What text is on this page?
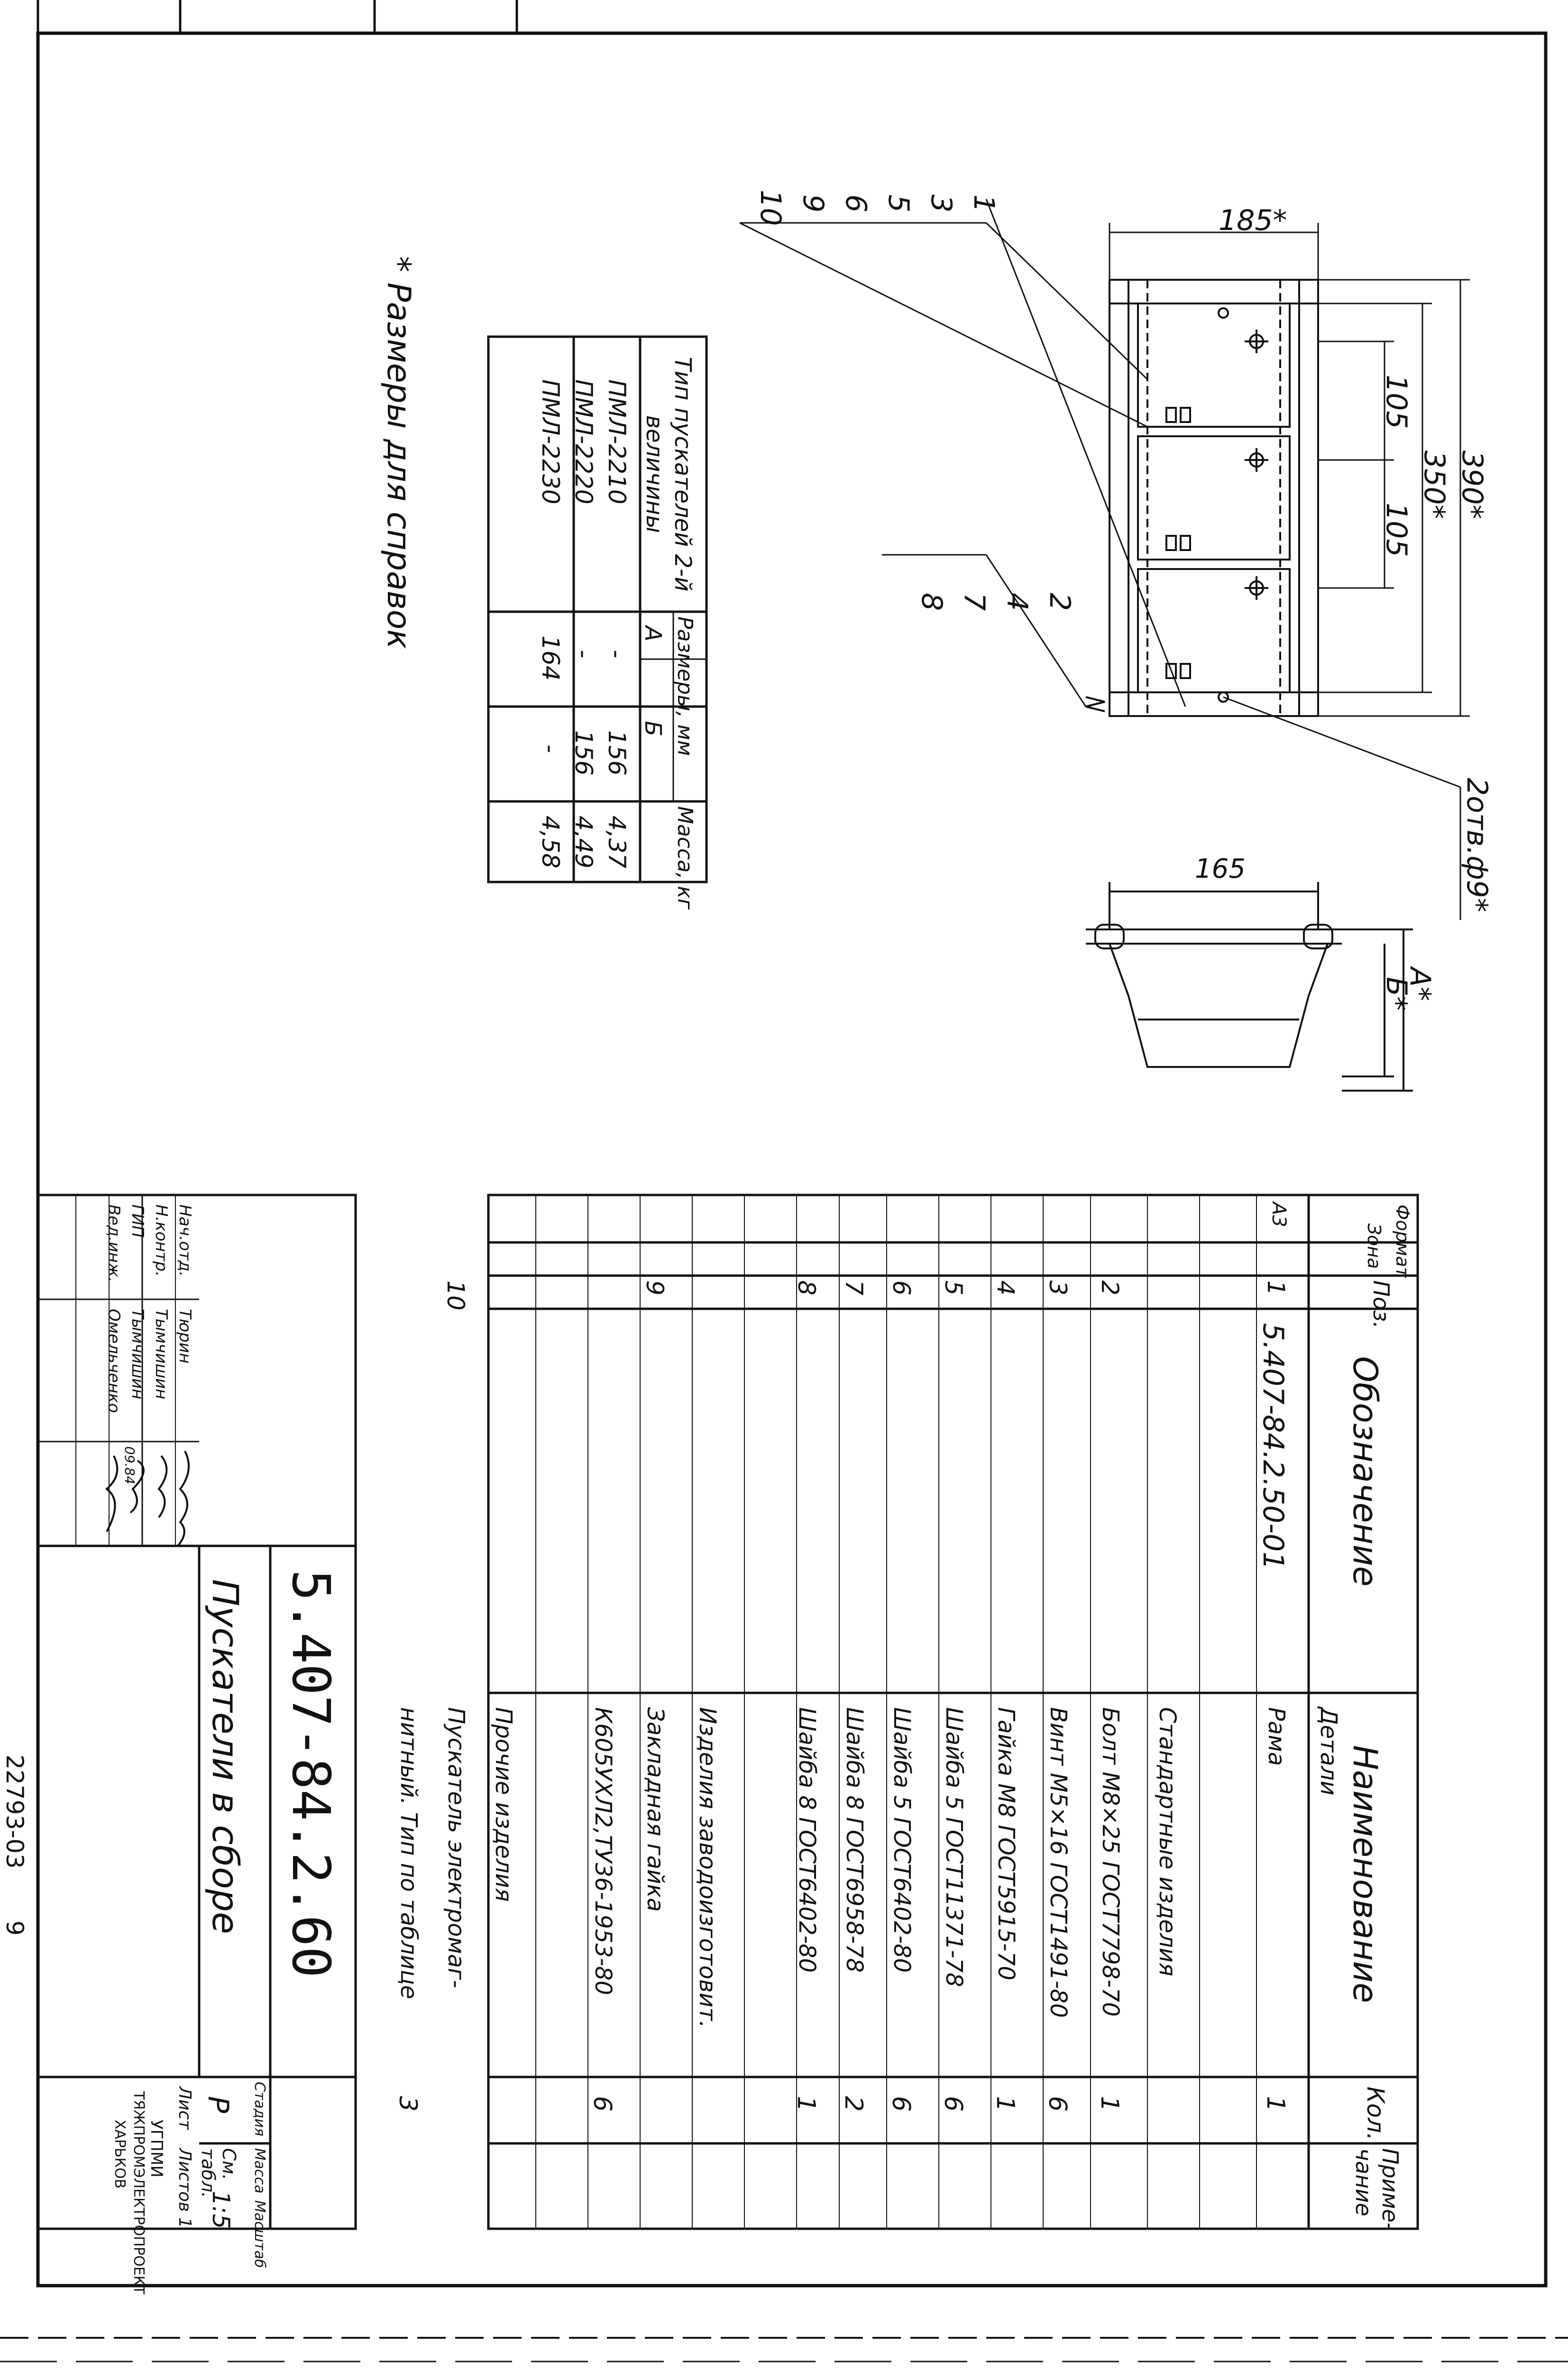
185*
390*
350*
105
105
2отв.ф9*
165
А*
Б*
1
3
5
6
9
10
2
4
7
8
* Размеры для справок	Тип пускателей 2-й величины
Размеры, мм
А
Б
Масса, кг
ПМЛ-2210
-
156
4,37
ПМЛ-2220
-
156
4,49
ПМЛ-2230
164
-
4,58
Формат
Зона
Поз.
Обозначение
Наименование
Кол.
Приме- чание
Детали
А3
1
5.407-84.2.50-01
Рама
1
Стандартные изделия
2
Болт М8×25 ГОСТ7798-70
1
3
Винт М5×16 ГОСТ1491-80
6
4
Гайка М8 ГОСТ5915-70
1
5
Шайба 5 ГОСТ11371-78
6
6
Шайба 5 ГОСТ6402-80
6
7
Шайба 8 ГОСТ6958-78
2
8
Шайба 8 ГОСТ6402-80
1
Изделия заводоизготовит.
9
Закладная гайка
К605УХЛ2,ТУ36-1953-80
6
Прочие изделия
10
Пускатель электромаг-
нитный. Тип по таблице
3
5.407-84.2.60
Пускатели в сборе
Стадия
Масса
Масштаб
Р
См. табл.
1:5
Лист
Листов 1
УГПМИ
ТЯЖПРОМЭЛЕКТРОПРОЕКТ
ХАРЬКОВ
09.84
Нач.отд.
Тюрин
Н.контр.
Тымчишин
ГИП
Тымчишин
Вед.инж.
Омельченко
22793-03
9
